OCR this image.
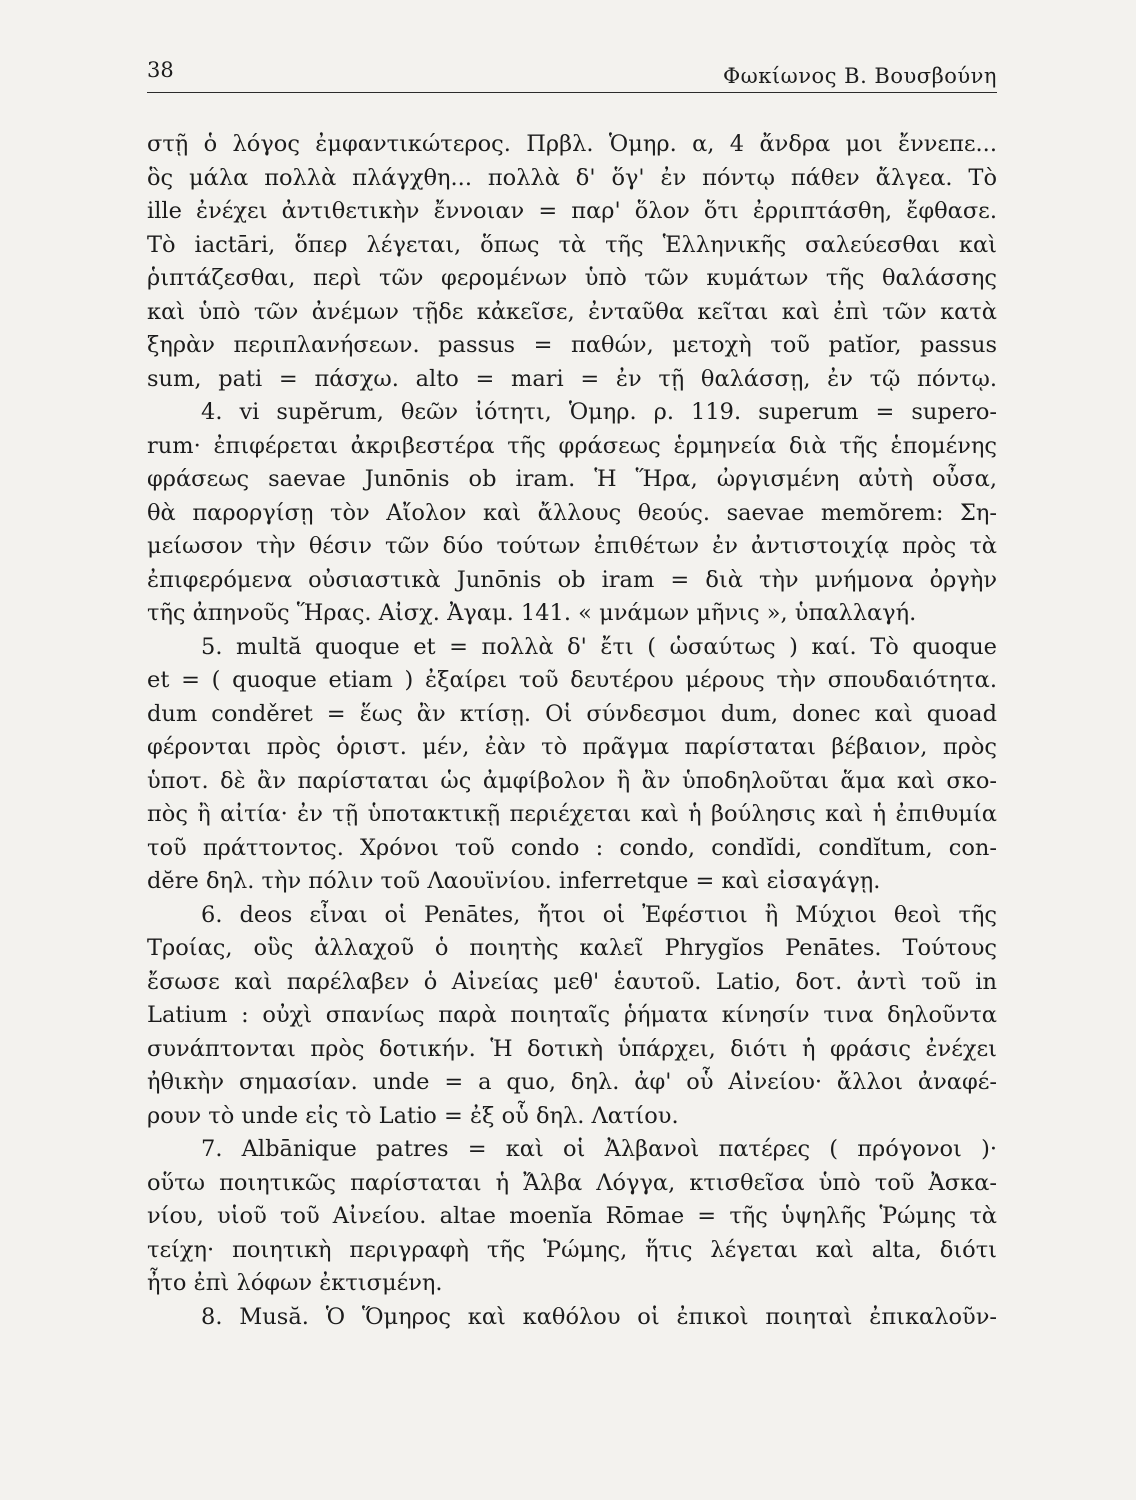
38	Φωκίωνος Β. Βουσβούνη
στῇ ὁ λόγος ἐμφαντικώτερος. Πρβλ. Ὁμηρ. α, 4 ἄνδρα μοι ἔννεπε...
ὃς μάλα πολλὰ πλάγχθη... πολλὰ δ' ὅγ' ἐν πόντῳ πάθεν ἄλγεα. Τὸ
ille ἐνέχει ἀντιθετικὴν ἔννοιαν = παρ' ὅλον ὅτι ἐρριπτάσθη, ἔφθασε.
Τὸ iactāri, ὅπερ λέγεται, ὅπως τὰ τῆς Ἑλληνικῆς σαλεύεσθαι καὶ
ῥιπτάζεσθαι, περὶ τῶν φερομένων ὑπὸ τῶν κυμάτων τῆς θαλάσσης
καὶ ὑπὸ τῶν ἀνέμων τῇδε κἀκεῖσε, ἐνταῦθα κεῖται καὶ ἐπὶ τῶν κατὰ
ξηρὰν περιπλανήσεων. passus = παθών, μετοχὴ τοῦ patĭor, passus
sum, pati = πάσχω. alto = mari = ἐν τῇ θαλάσσῃ, ἐν τῷ πόντῳ.
4. vi supĕrum, θεῶν ἰότητι, Ὁμηρ. ρ. 119. superum = supero-
rum· ἐπιφέρεται ἀκριβεστέρα τῆς φράσεως ἑρμηνεία διὰ τῆς ἑπομένης
φράσεως saevae Junōnis ob iram. Ἡ Ἥρα, ὠργισμένη αὐτὴ οὖσα,
θὰ παροργίσῃ τὸν Αἴολον καὶ ἄλλους θεούς. saevae memŏrem: Ση-
μείωσον τὴν θέσιν τῶν δύο τούτων ἐπιθέτων ἐν ἀντιστοιχίᾳ πρὸς τὰ
ἐπιφερόμενα οὐσιαστικὰ Junōnis ob iram = διὰ τὴν μνήμονα ὀργὴν
τῆς ἀπηνοῦς Ἥρας. Αἰσχ. Ἀγαμ. 141. « μνάμων μῆνις », ὑπαλλαγή.
5. multă quoque et = πολλὰ δ' ἔτι ( ὡσαύτως ) καί. Τὸ quoque
et = ( quoque etiam ) ἐξαίρει τοῦ δευτέρου μέρους τὴν σπουδαιότητα.
dum conděret = ἕως ἂν κτίσῃ. Οἱ σύνδεσμοι dum, donec καὶ quoad
φέρονται πρὸς ὁριστ. μέν, ἐὰν τὸ πρᾶγμα παρίσταται βέβαιον, πρὸς
ὑποτ. δὲ ἂν παρίσταται ὡς ἀμφίβολον ἢ ἂν ὑποδηλοῦται ἅμα καὶ σκο-
πὸς ἢ αἰτία· ἐν τῇ ὑποτακτικῇ περιέχεται καὶ ἡ βούλησις καὶ ἡ ἐπιθυμία
τοῦ πράττοντος. Χρόνοι τοῦ condo : condo, condĭdi, condĭtum, con-
dĕre δηλ. τὴν πόλιν τοῦ Λαουϊνίου. inferretque = καὶ εἰσαγάγῃ.
6. deos εἶναι οἱ Penātes, ἤτοι οἱ Ἐφέστιοι ἢ Μύχιοι θεοὶ τῆς
Τροίας, οὓς ἀλλαχοῦ ὁ ποιητὴς καλεῖ Phrygĭos Penātes. Τούτους
ἔσωσε καὶ παρέλαβεν ὁ Αἰνείας μεθ' ἑαυτοῦ. Latio, δοτ. ἀντὶ τοῦ in
Latium : οὐχὶ σπανίως παρὰ ποιηταῖς ῥήματα κίνησίν τινα δηλοῦντα
συνάπτονται πρὸς δοτικήν. Ἡ δοτικὴ ὑπάρχει, διότι ἡ φράσις ἐνέχει
ἠθικὴν σημασίαν. unde = a quo, δηλ. ἀφ' οὗ Αἰνείου· ἄλλοι ἀναφέ-
ρουν τὸ unde εἰς τὸ Latio = ἐξ οὗ δηλ. Λατίου.
7. Albānique patres = καὶ οἱ Ἀλβανοὶ πατέρες ( πρόγονοι )·
οὕτω ποιητικῶς παρίσταται ἡ Ἄλβα Λόγγα, κτισθεῖσα ὑπὸ τοῦ Ἀσκα-
νίου, υἱοῦ τοῦ Αἰνείου. altae moenĭa Rōmae = τῆς ὑψηλῆς Ῥώμης τὰ
τείχη· ποιητικὴ περιγραφὴ τῆς Ῥώμης, ἥτις λέγεται καὶ alta, διότι
ἦτο ἐπὶ λόφων ἐκτισμένη.
8. Musă. Ὁ Ὅμηρος καὶ καθόλου οἱ ἐπικοὶ ποιηταὶ ἐπικαλοῦν-
